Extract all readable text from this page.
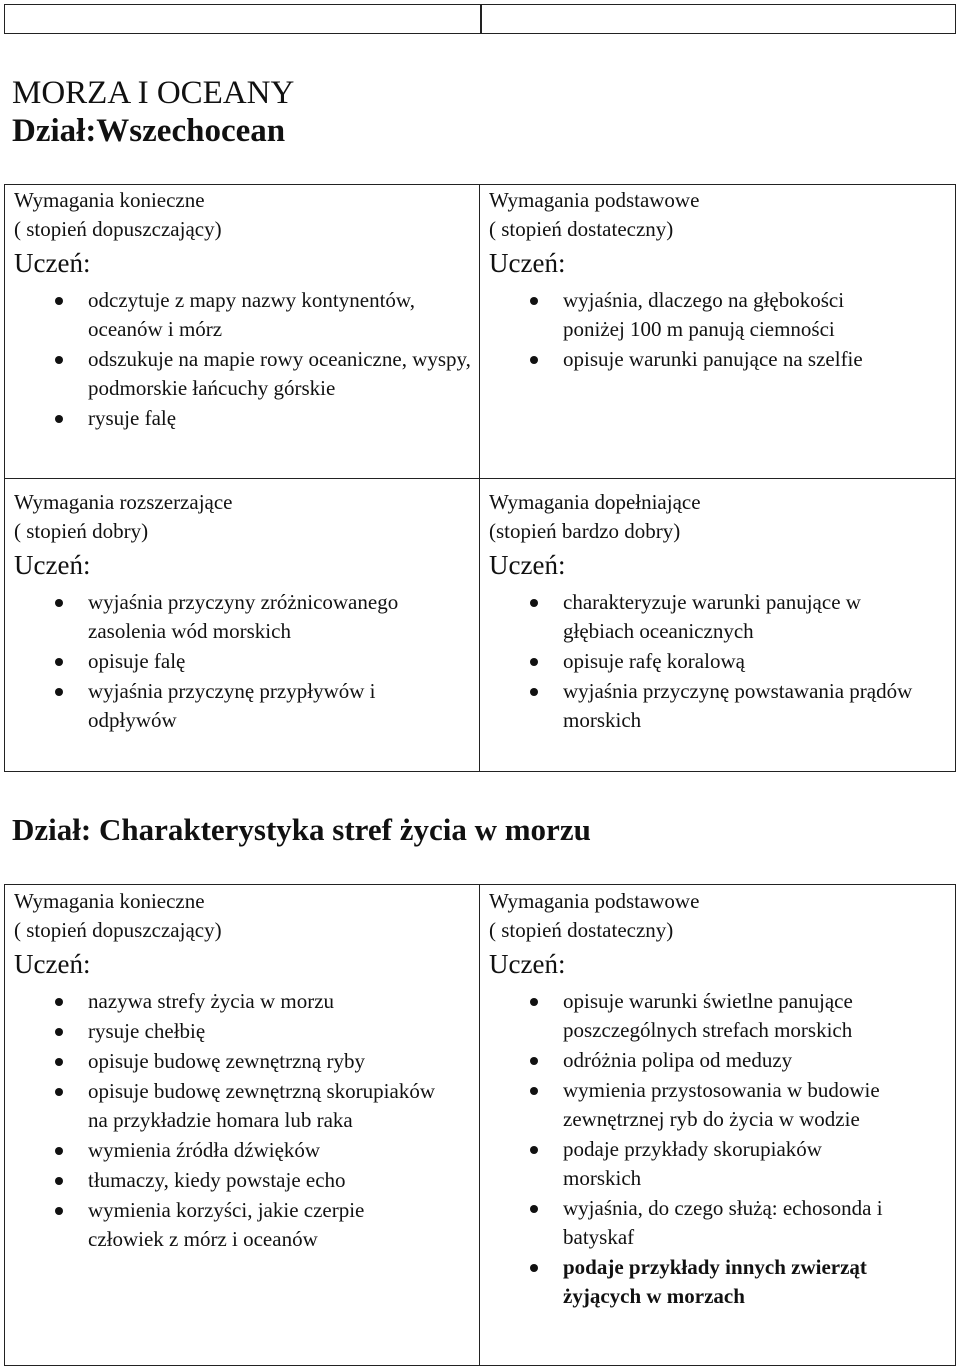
MORZA I OCEANY
Dział:Wszechocean
Wymagania konieczne
( stopień dopuszczający)
Uczeń:
odczytuje z mapy nazwy kontynentów, oceanów i mórz
odszukuje na mapie rowy oceaniczne, wyspy, podmorskie łańcuchy górskie
rysuje falę
Wymagania podstawowe
( stopień dostateczny)
Uczeń:
wyjaśnia, dlaczego na głębokości poniżej 100 m panują ciemności
opisuje warunki panujące na szelfie
Wymagania rozszerzające
( stopień dobry)
Uczeń:
wyjaśnia przyczyny zróżnicowanego zasolenia wód morskich
opisuje falę
wyjaśnia przyczynę przypływów i odpływów
Wymagania dopełniające
(stopień bardzo dobry)
Uczeń:
charakteryzuje warunki panujące w głębiach oceanicznych
opisuje rafę koralową
wyjaśnia przyczynę powstawania prądów morskich
Dział: Charakterystyka stref życia w morzu
Wymagania konieczne
( stopień dopuszczający)
Uczeń:
nazywa strefy życia w morzu
rysuje chełbię
opisuje budowę zewnętrzną ryby
opisuje budowę zewnętrzną skorupiaków na przykładzie homara lub raka
wymienia źródła dźwięków
tłumaczy, kiedy powstaje echo
wymienia korzyści, jakie czerpie człowiek z mórz i oceanów
Wymagania podstawowe
( stopień dostateczny)
Uczeń:
opisuje warunki świetlne panujące poszczególnych strefach morskich
odróżnia polipa od meduzy
wymienia przystosowania w budowie zewnętrznej ryb do życia w wodzie
podaje przykłady skorupiaków morskich
wyjaśnia, do czego służą: echosonda i batyskaf
podaje przykłady innych zwierząt żyjących w morzach
